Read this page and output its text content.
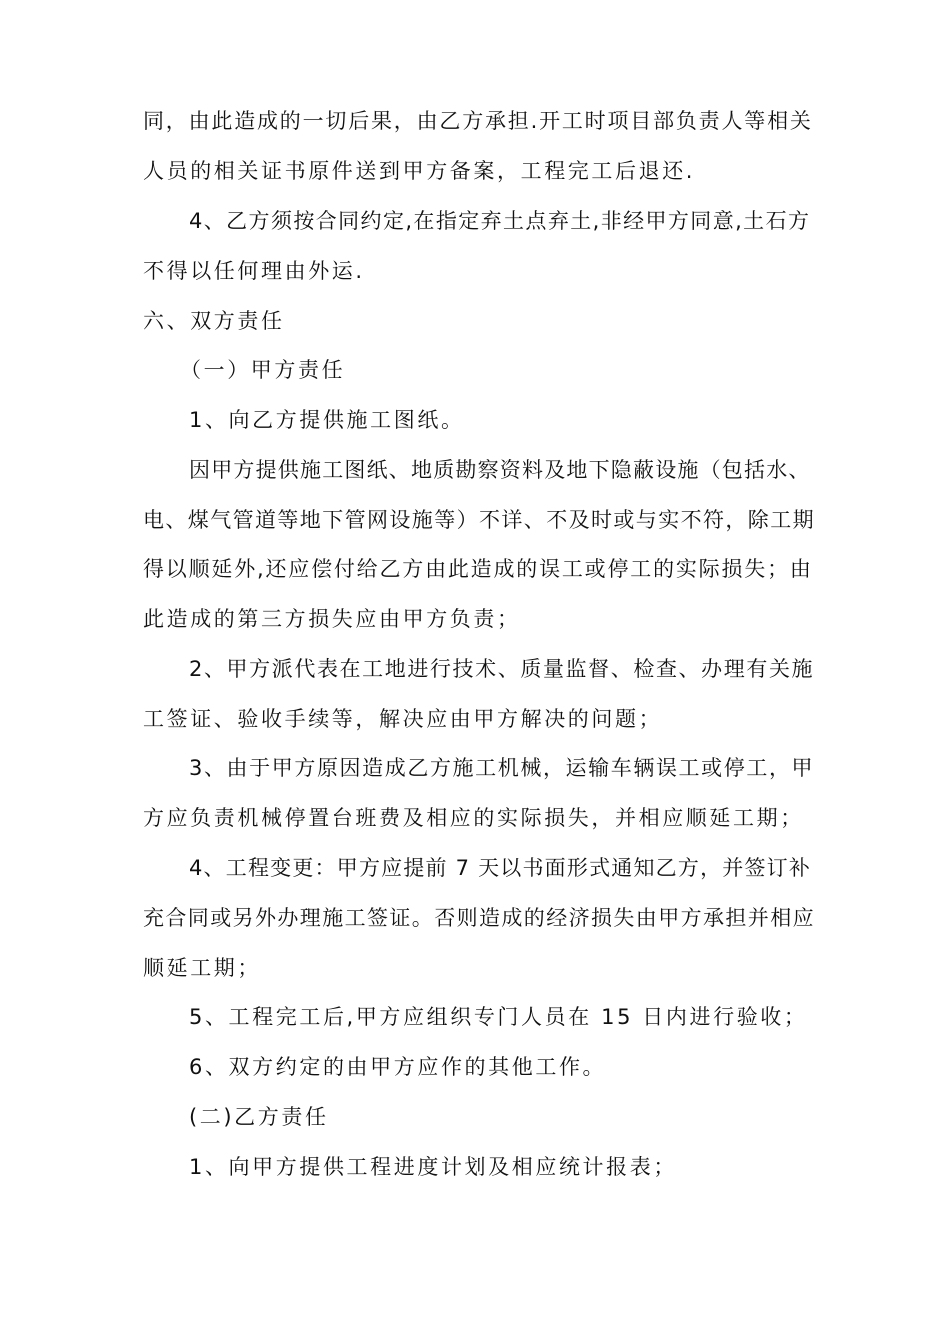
同，由此造成的一切后果，由乙方承担.开工时项目部负责人等相关
人员的相关证书原件送到甲方备案，工程完工后退还.
4、乙方须按合同约定,在指定弃土点弃土,非经甲方同意,土石方
不得以任何理由外运.
六、双方责任
（一）甲方责任
1、向乙方提供施工图纸。
因甲方提供施工图纸、地质勘察资料及地下隐蔽设施（包括水、
电、煤气管道等地下管网设施等）不详、不及时或与实不符，除工期
得以顺延外,还应偿付给乙方由此造成的误工或停工的实际损失；由
此造成的第三方损失应由甲方负责；
2、甲方派代表在工地进行技术、质量监督、检查、办理有关施
工签证、验收手续等，解决应由甲方解决的问题；
3、由于甲方原因造成乙方施工机械，运输车辆误工或停工，甲
方应负责机械停置台班费及相应的实际损失，并相应顺延工期；
4、工程变更：甲方应提前 7 天以书面形式通知乙方，并签订补
充合同或另外办理施工签证。否则造成的经济损失由甲方承担并相应
顺延工期；
5、工程完工后,甲方应组织专门人员在 15 日内进行验收；
6、双方约定的由甲方应作的其他工作。
(二)乙方责任
1、向甲方提供工程进度计划及相应统计报表；
